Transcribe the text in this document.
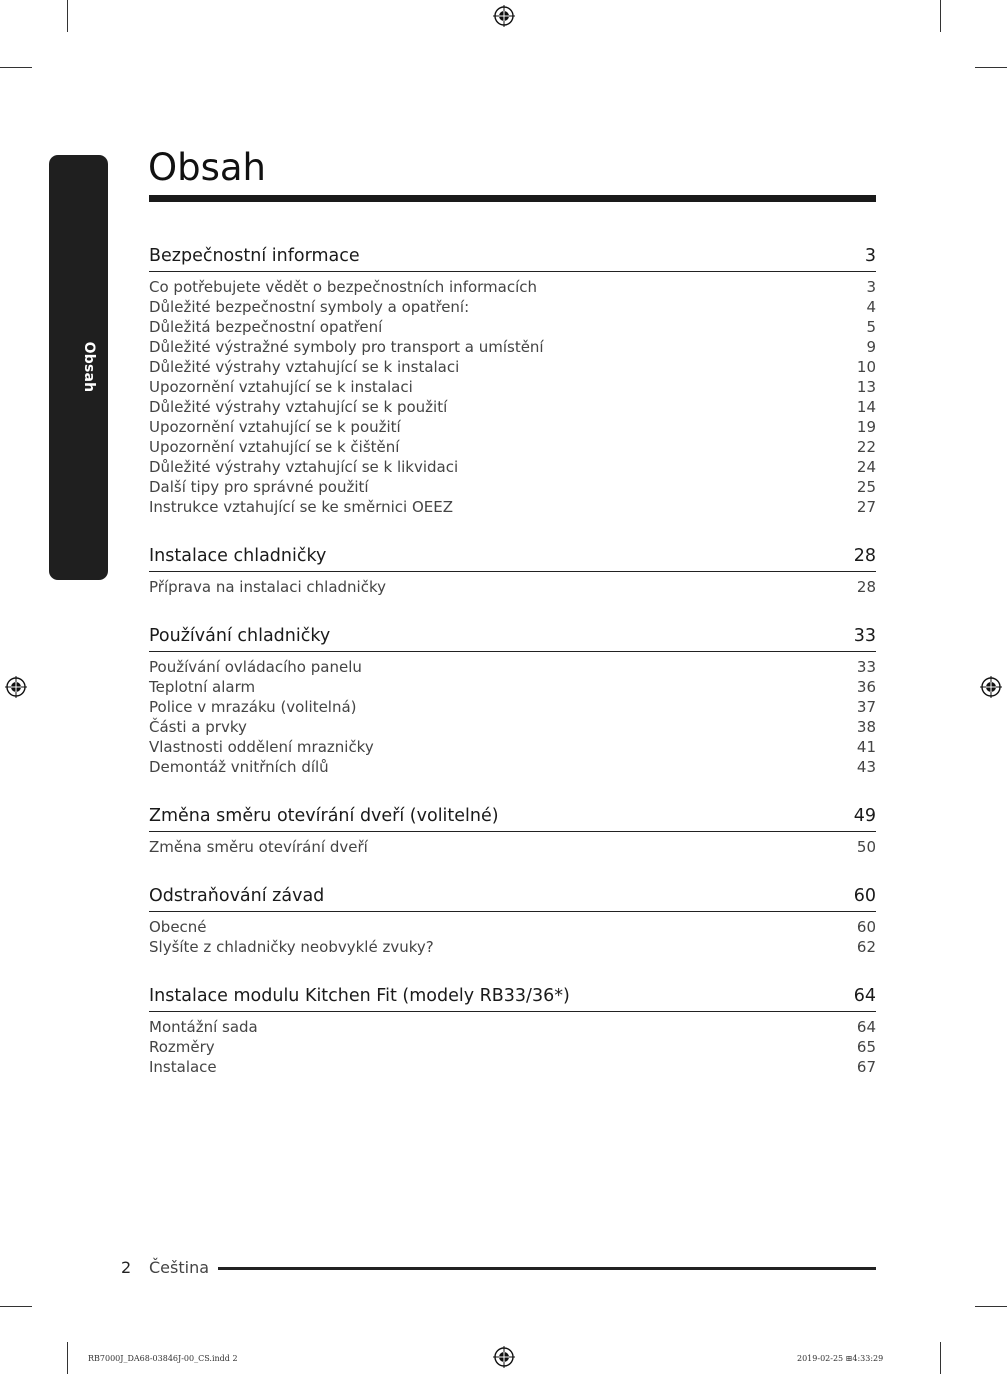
Obsah
Obsah
Bezpečnostní informace	3
Co potřebujete vědět o bezpečnostních informacích	3
Důležité bezpečnostní symboly a opatření:	4
Důležitá bezpečnostní opatření	5
Důležité výstražné symboly pro transport a umístění	9
Důležité výstrahy vztahující se k instalaci	10
Upozornění vztahující se k instalaci	13
Důležité výstrahy vztahující se k použití	14
Upozornění vztahující se k použití	19
Upozornění vztahující se k čištění	22
Důležité výstrahy vztahující se k likvidaci	24
Další tipy pro správné použití	25
Instrukce vztahující se ke směrnici OEEZ	27
Instalace chladničky	28
Příprava na instalaci chladničky	28
Používání chladničky	33
Používání ovládacího panelu	33
Teplotní alarm	36
Police v mrazáku (volitelná)	37
Části a prvky	38
Vlastnosti oddělení mrazničky	41
Demontáž vnitřních dílů	43
Změna směru otevírání dveří (volitelné)	49
Změna směru otevírání dveří	50
Odstraňování závad	60
Obecné	60
Slyšíte z chladničky neobvyklé zvuky?	62
Instalace modulu Kitchen Fit (modely RB33/36*)	64
Montážní sada	64
Rozměry	65
Instalace	67
2 Čeština
RB7000J_DA68-03846J-00_CS.indd 2	2019-02-25 ⊞4:33:29
